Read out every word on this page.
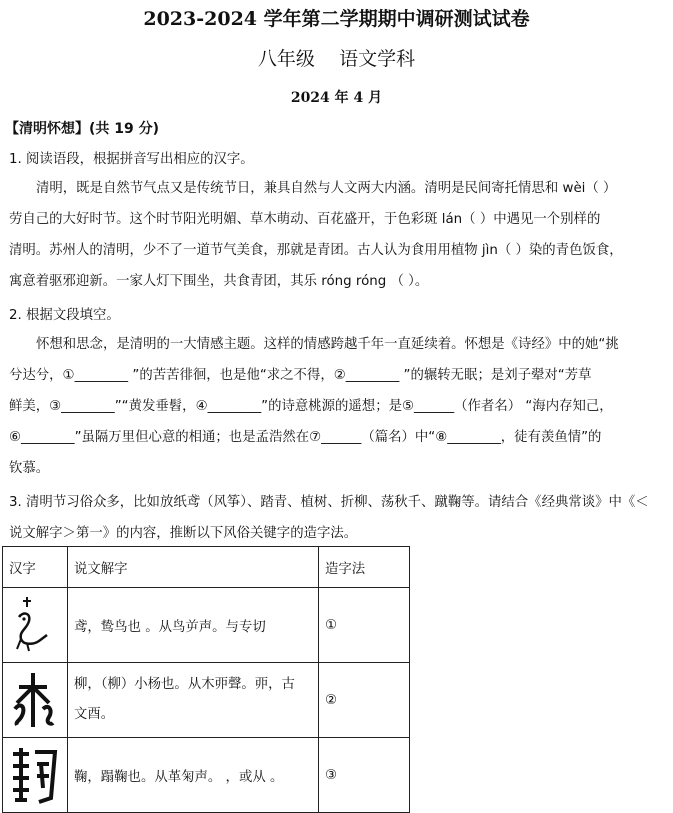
2023-2024 学年第二学期期中调研测试试卷
八年级    语文学科
2024 年 4 月
【清明怀想】(共 19 分)
1. 阅读语段，根据拼音写出相应的汉字。
清明，既是自然节气点又是传统节日，兼具自然与人文两大内涵。清明是民间寄托情思和 wèi（ ）
劳自己的大好时节。这个时节阳光明媚、草木萌动、百花盛开，于色彩斑 lán（ ）中遇见一个别样的
清明。苏州人的清明，少不了一道节气美食，那就是青团。古人认为食用用植物 jìn（ ）染的青色饭食，
寓意着驱邪迎新。一家人灯下围坐，共食青团，其乐 róng róng （ ）。
2. 根据文段填空。
怀想和思念，是清明的一大情感主题。这样的情感跨越千年一直延续着。怀想是《诗经》中的她“挑
兮达兮，①________ ”的苦苦徘徊，也是他“求之不得，②________ ”的辗转无眠；是刘子翚对“芳草
鲜美，③________”“黄发垂髫，④________”的诗意桃源的遥想；是⑤______（作者名） “海内存知己，
⑥________”虽隔万里但心意的相通；也是孟浩然在⑦______（篇名）中“⑧________，徒有羡鱼情”的
钦慕。
3. 清明节习俗众多，比如放纸鸢（风筝）、踏青、植树、折柳、荡秋千、蹴鞠等。请结合《经典常谈》中《＜
说文解字＞第一》的内容，推断以下风俗关键字的造字法。
汉字	说文解字	造字法

鸢，鸷鸟也 。从鸟屰声。与专切	①

柳，（柳）小杨也。从木丣聲。丣，古
文酉。	②

鞠，蹋鞠也。从革匊声。 ，或从 。	③
